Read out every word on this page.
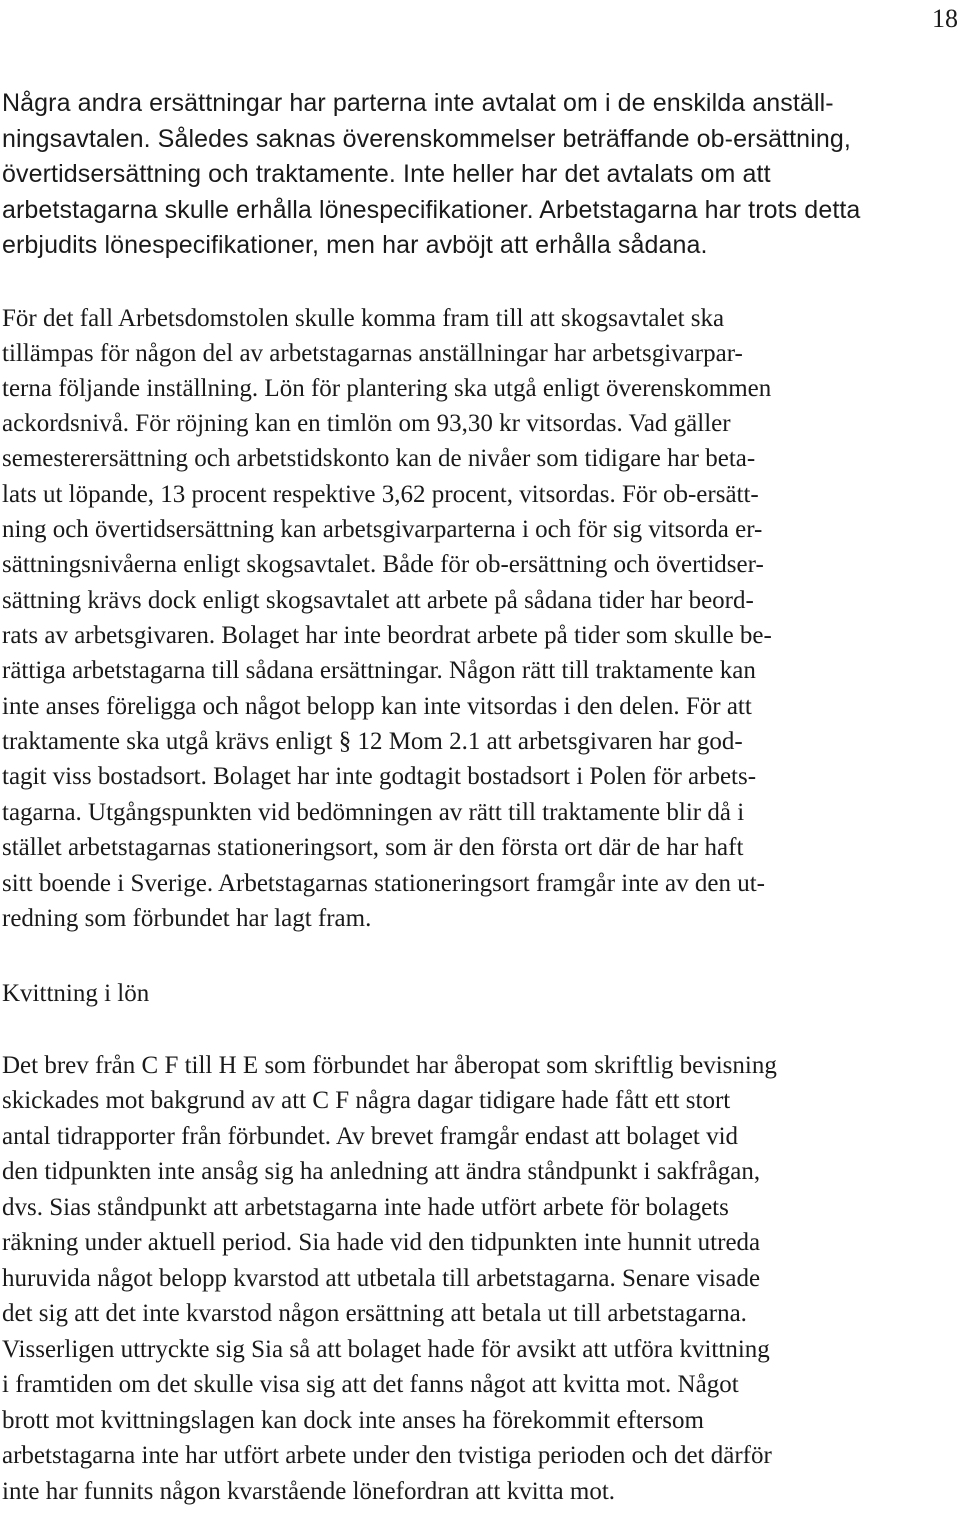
18
Några andra ersättningar har parterna inte avtalat om i de enskilda anställ-
ningsavtalen. Således saknas överenskommelser beträffande ob-ersättning,
övertidsersättning och traktamente. Inte heller har det avtalats om att
arbetstagarna skulle erhålla lönespecifikationer. Arbetstagarna har trots detta
erbjudits lönespecifikationer, men har avböjt att erhålla sådana.
För det fall Arbetsdomstolen skulle komma fram till att skogsavtalet ska
tillämpas för någon del av arbetstagarnas anställningar har arbetsgivarpar-
terna följande inställning. Lön för plantering ska utgå enligt överenskommen
ackordsnivå. För röjning kan en timlön om 93,30 kr vitsordas. Vad gäller
semesterersättning och arbetstidskonto kan de nivåer som tidigare har beta-
lats ut löpande, 13 procent respektive 3,62 procent, vitsordas. För ob-ersätt-
ning och övertidsersättning kan arbetsgivarparterna i och för sig vitsorda er-
sättningsnivåerna enligt skogsavtalet. Både för ob-ersättning och övertidser-
sättning krävs dock enligt skogsavtalet att arbete på sådana tider har beord-
rats av arbetsgivaren. Bolaget har inte beordrat arbete på tider som skulle be-
rättiga arbetstagarna till sådana ersättningar. Någon rätt till traktamente kan
inte anses föreligga och något belopp kan inte vitsordas i den delen. För att
traktamente ska utgå krävs enligt § 12 Mom 2.1 att arbetsgivaren har god-
tagit viss bostadsort. Bolaget har inte godtagit bostadsort i Polen för arbets-
tagarna. Utgångspunkten vid bedömningen av rätt till traktamente blir då i
stället arbetstagarnas stationeringsort, som är den första ort där de har haft
sitt boende i Sverige. Arbetstagarnas stationeringsort framgår inte av den ut-
redning som förbundet har lagt fram.
Kvittning i lön
Det brev från C F till H E som förbundet har åberopat som skriftlig bevisning
skickades mot bakgrund av att C F några dagar tidigare hade fått ett stort
antal tidrapporter från förbundet. Av brevet framgår endast att bolaget vid
den tidpunkten inte ansåg sig ha anledning att ändra ståndpunkt i sakfrågan,
dvs. Sias ståndpunkt att arbetstagarna inte hade utfört arbete för bolagets
räkning under aktuell period. Sia hade vid den tidpunkten inte hunnit utreda
huruvida något belopp kvarstod att utbetala till arbetstagarna. Senare visade
det sig att det inte kvarstod någon ersättning att betala ut till arbetstagarna.
Visserligen uttryckte sig Sia så att bolaget hade för avsikt att utföra kvittning
i framtiden om det skulle visa sig att det fanns något att kvitta mot. Något
brott mot kvittningslagen kan dock inte anses ha förekommit eftersom
arbetstagarna inte har utfört arbete under den tvistiga perioden och det därför
inte har funnits någon kvarstående lönefordran att kvitta mot.
